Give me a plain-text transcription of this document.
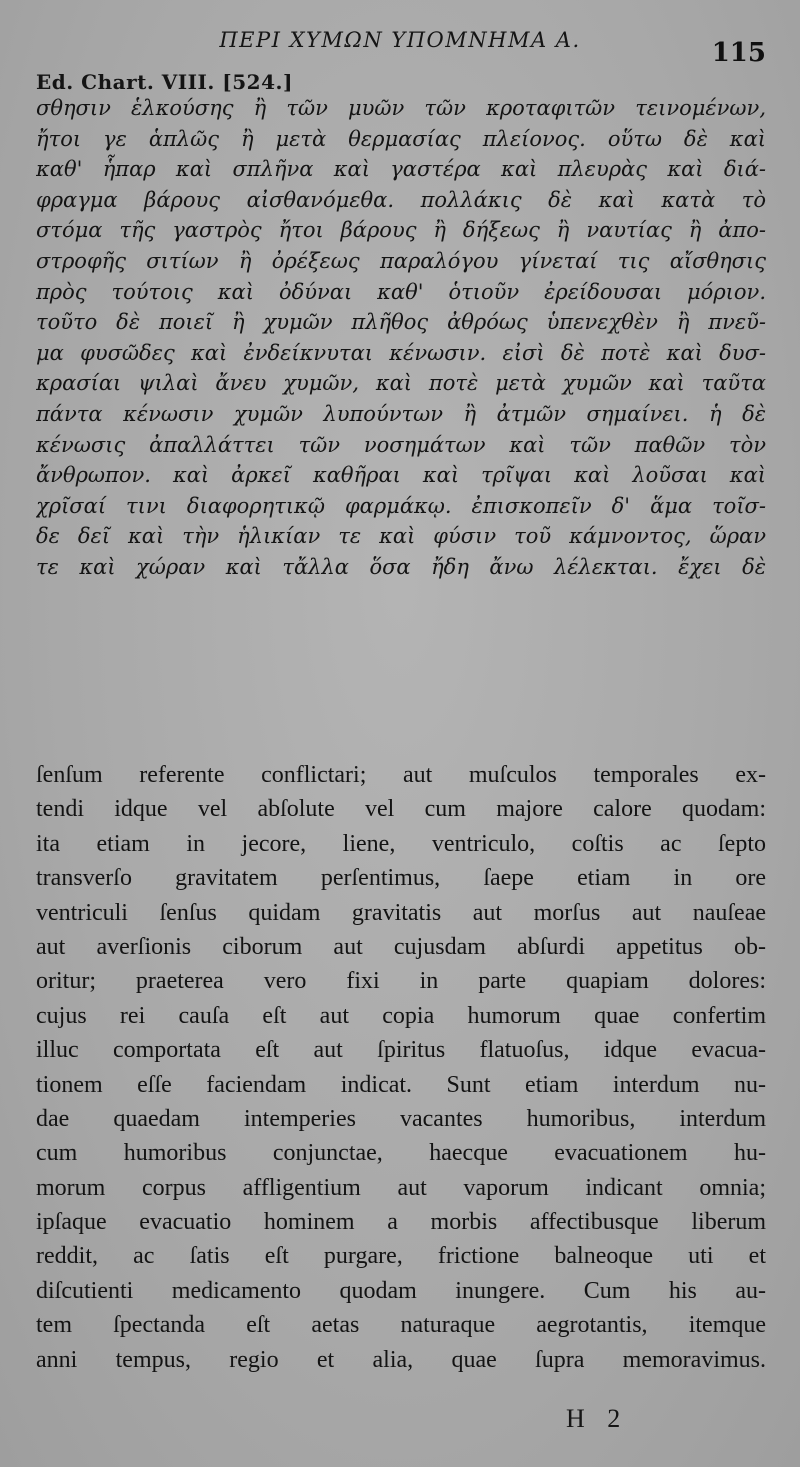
ΠΕΡΙ ΧΥΜΩΝ ΥΠΟΜΝΗΜΑ Α.	115
Ed. Chart. VIII. [524.]
σθησιν ἑλκούσης ἢ τῶν μυῶν τῶν κροταφιτῶν τεινομένων,
ἤτοι γε ἁπλῶς ἢ μετὰ θερμασίας πλείονος. οὕτω δὲ καὶ
καθ' ἧπαρ καὶ σπλῆνα καὶ γαστέρα καὶ πλευρὰς καὶ διά-
φραγμα βάρους αἰσθανόμεθα. πολλάκις δὲ καὶ κατὰ τὸ
στόμα τῆς γαστρὸς ἤτοι βάρους ἢ δήξεως ἢ ναυτίας ἢ ἀπο-
στροφῆς σιτίων ἢ ὀρέξεως παραλόγου γίνεταί τις αἴσθησις
πρὸς τούτοις καὶ ὀδύναι καθ' ὁτιοῦν ἐρείδουσαι μόριον.
τοῦτο δὲ ποιεῖ ἢ χυμῶν πλῆθος ἀθρόως ὑπενεχθὲν ἢ πνεῦ-
μα φυσῶδες καὶ ἐνδείκνυται κένωσιν. εἰσὶ δὲ ποτὲ καὶ δυσ-
κρασίαι ψιλαὶ ἄνευ χυμῶν, καὶ ποτὲ μετὰ χυμῶν καὶ ταῦτα
πάντα κένωσιν χυμῶν λυπούντων ἢ ἀτμῶν σημαίνει. ἡ δὲ
κένωσις ἀπαλλάττει τῶν νοσημάτων καὶ τῶν παθῶν τὸν
ἄνθρωπον. καὶ ἀρκεῖ καθῆραι καὶ τρῖψαι καὶ λοῦσαι καὶ
χρῖσαί τινι διαφορητικῷ φαρμάκῳ. ἐπισκοπεῖν δ' ἅμα τοῖσ-
δε δεῖ καὶ τὴν ἡλικίαν τε καὶ φύσιν τοῦ κάμνοντος, ὥραν
τε καὶ χώραν καὶ τἄλλα ὅσα ἤδη ἄνω λέλεκται. ἔχει δὲ
ſenſum referente conflictari; aut muſculos temporales ex-
tendi idque vel abſolute vel cum majore calore quodam:
ita etiam in jecore, liene, ventriculo, coſtis ac ſepto
transverſo gravitatem perſentimus, ſaepe etiam in ore
ventriculi ſenſus quidam gravitatis aut morſus aut nauſeae
aut averſionis ciborum aut cujusdam abſurdi appetitus ob-
oritur; praeterea vero fixi in parte quapiam dolores:
cujus rei cauſa eſt aut copia humorum quae confertim
illuc comportata eſt aut ſpiritus flatuoſus, idque evacua-
tionem eſſe faciendam indicat. Sunt etiam interdum nu-
dae quaedam intemperies vacantes humoribus, interdum
cum humoribus conjunctae, haecque evacuationem hu-
morum corpus affligentium aut vaporum indicant omnia;
ipſaque evacuatio hominem a morbis affectibusque liberum
reddit, ac ſatis eſt purgare, frictione balneoque uti et
diſcutienti medicamento quodam inungere. Cum his au-
tem ſpectanda eſt aetas naturaque aegrotantis, itemque
anni tempus, regio et alia, quae ſupra memoravimus.
H 2
